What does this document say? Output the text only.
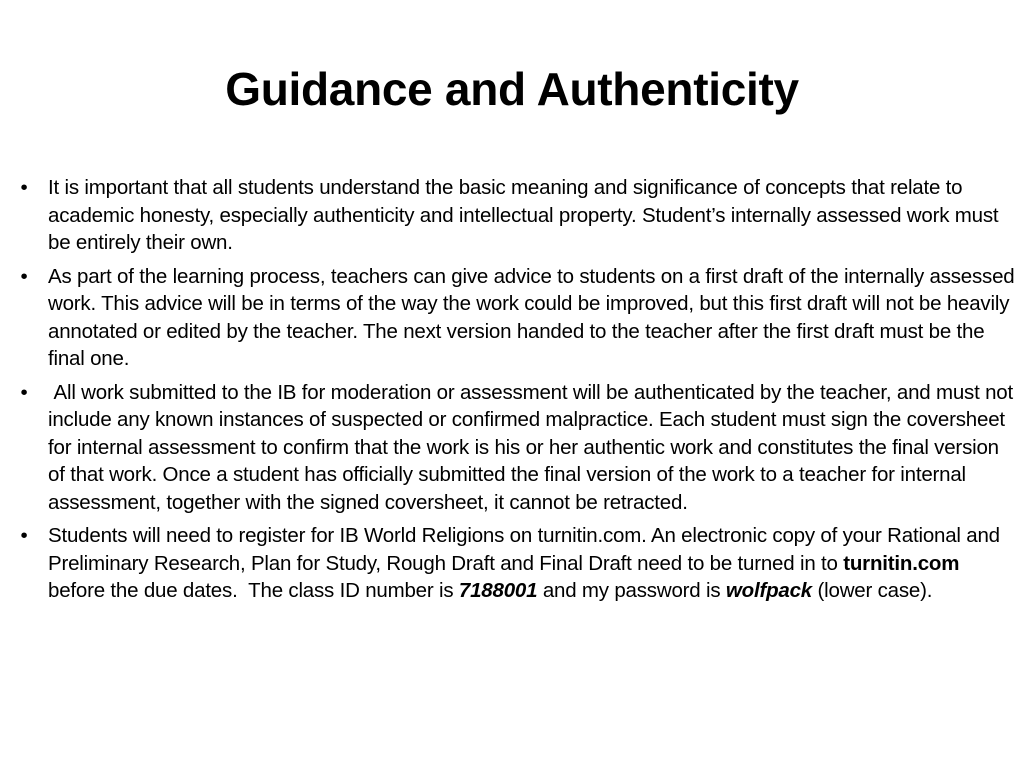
Guidance and Authenticity
•	It is important that all students understand the basic meaning and significance of concepts that relate to academic honesty, especially authenticity and intellectual property. Student’s internally assessed work must be entirely their own.
•	As part of the learning process, teachers can give advice to students on a first draft of the internally assessed work. This advice will be in terms of the way the work could be improved, but this first draft will not be heavily annotated or edited by the teacher. The next version handed to the teacher after the first draft must be the final one.
•	All work submitted to the IB for moderation or assessment will be authenticated by the teacher, and must not include any known instances of suspected or confirmed malpractice. Each student must sign the coversheet for internal assessment to confirm that the work is his or her authentic work and constitutes the final version of that work. Once a student has officially submitted the final version of the work to a teacher for internal assessment, together with the signed coversheet, it cannot be retracted.
•	Students will need to register for IB World Religions on turnitin.com. An electronic copy of your Rational and Preliminary Research, Plan for Study, Rough Draft and Final Draft need to be turned in to turnitin.com before the due dates.  The class ID number is 7188001 and my password is wolfpack (lower case).
